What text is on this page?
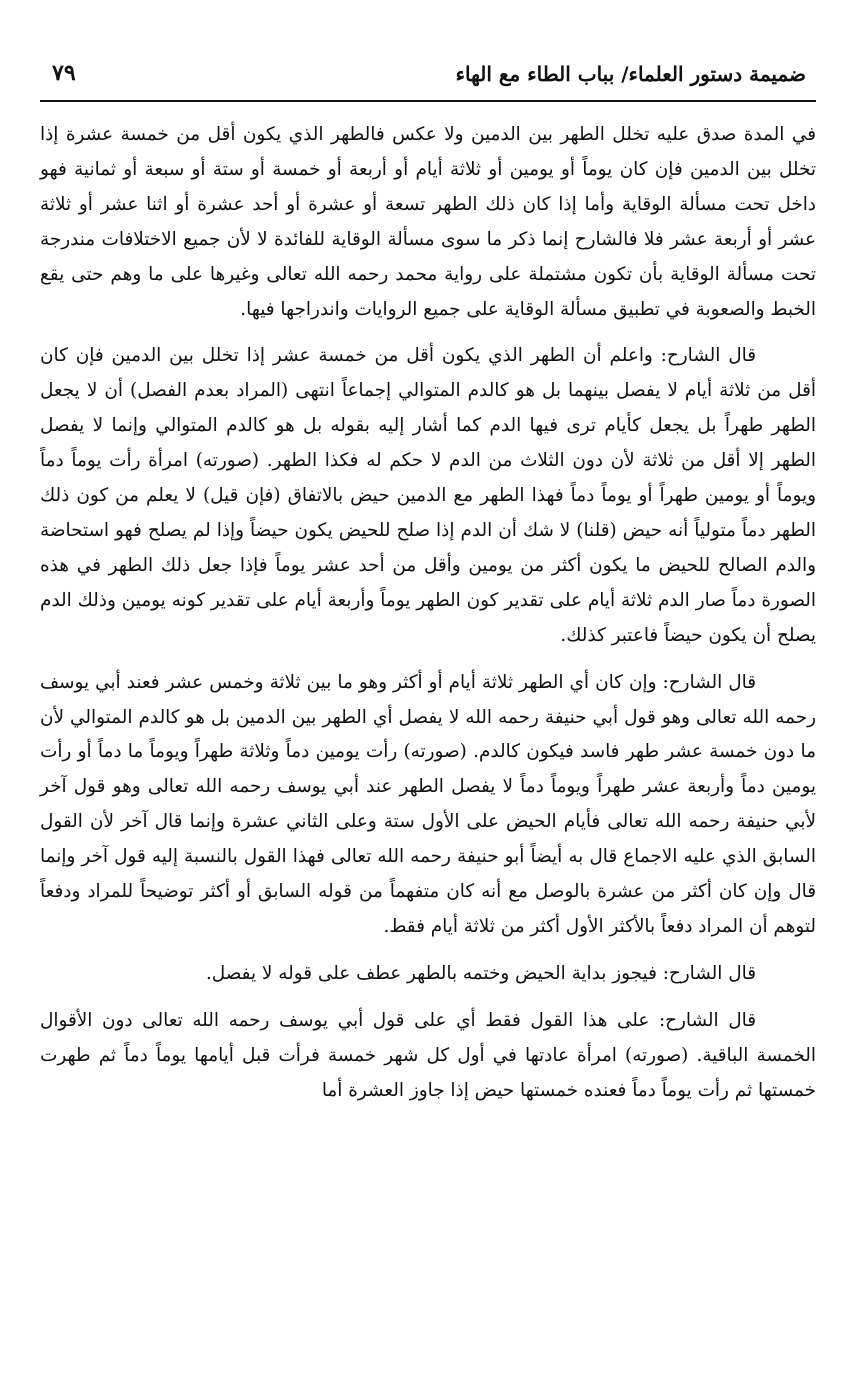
ضميمة دستور العلماء/ بباب الطاء مع الهاء
٧٩

في المدة صدق عليه تخلل الطهر بين الدمين ولا عكس فالطهر الذي يكون أقل من خمسة عشرة إذا تخلل بين الدمين فإن كان يوماً أو يومين أو ثلاثة أيام أو أربعة أو خمسة أو ستة أو سبعة أو ثمانية فهو داخل تحت مسألة الوقاية وأما إذا كان ذلك الطهر تسعة أو عشرة أو أحد عشرة أو اثنا عشر أو ثلاثة عشر أو أربعة عشر فلا فالشارح إنما ذكر ما سوى مسألة الوقاية للفائدة لا لأن جميع الاختلافات مندرجة تحت مسألة الوقاية بأن تكون مشتملة على رواية محمد رحمه الله تعالى وغيرها على ما وهم حتى يقع الخبط والصعوبة في تطبيق مسألة الوقاية على جميع الروايات واندراجها فيها.

قال الشارح: واعلم أن الطهر الذي يكون أقل من خمسة عشر إذا تخلل بين الدمين فإن كان أقل من ثلاثة أيام لا يفصل بينهما بل هو كالدم المتوالي إجماعاً انتهى (المراد بعدم الفصل) أن لا يجعل الطهر طهراً بل يجعل كأيام ترى فيها الدم كما أشار إليه بقوله بل هو كالدم المتوالي وإنما لا يفصل الطهر إلا أقل من ثلاثة لأن دون الثلاث من الدم لا حكم له فكذا الطهر. (صورته) امرأة رأت يوماً دماً ويوماً أو يومين طهراً أو يوماً دماً فهذا الطهر مع الدمين حيض بالاتفاق (فإن قيل) لا يعلم من كون ذلك الطهر دماً متولياً أنه حيض (قلنا) لا شك أن الدم إذا صلح للحيض يكون حيضاً وإذا لم يصلح فهو استحاضة والدم الصالح للحيض ما يكون أكثر من يومين وأقل من أحد عشر يوماً فإذا جعل ذلك الطهر في هذه الصورة دماً صار الدم ثلاثة أيام على تقدير كون الطهر يوماً وأربعة أيام على تقدير كونه يومين وذلك الدم يصلح أن يكون حيضاً فاعتبر كذلك.

قال الشارح: وإن كان أي الطهر ثلاثة أيام أو أكثر وهو ما بين ثلاثة وخمس عشر فعند أبي يوسف رحمه الله تعالى وهو قول أبي حنيفة رحمه الله لا يفصل أي الطهر بين الدمين بل هو كالدم المتوالي لأن ما دون خمسة عشر طهر فاسد فيكون كالدم. (صورته) رأت يومين دماً وثلاثة طهراً ويوماً ما دماً أو رأت يومين دماً وأربعة عشر طهراً ويوماً دماً لا يفصل الطهر عند أبي يوسف رحمه الله تعالى وهو قول آخر لأبي حنيفة رحمه الله تعالى فأيام الحيض على الأول ستة وعلى الثاني عشرة وإنما قال آخر لأن القول السابق الذي عليه الاجماع قال به أيضاً أبو حنيفة رحمه الله تعالى فهذا القول بالنسبة إليه قول آخر وإنما قال وإن كان أكثر من عشرة بالوصل مع أنه كان متفهماً من قوله السابق أو أكثر توضيحاً للمراد ودفعاً لتوهم أن المراد دفعاً بالأكثر الأول أكثر من ثلاثة أيام فقط.

قال الشارح: فيجوز بداية الحيض وختمه بالطهر عطف على قوله لا يفصل.

قال الشارح: على هذا القول فقط أي على قول أبي يوسف رحمه الله تعالى دون الأقوال الخمسة الباقية. (صورته) امرأة عادتها في أول كل شهر خمسة فرأت قبل أيامها يوماً دماً ثم طهرت خمستها ثم رأت يوماً دماً فعنده خمستها حيض إذا جاوز العشرة أما
